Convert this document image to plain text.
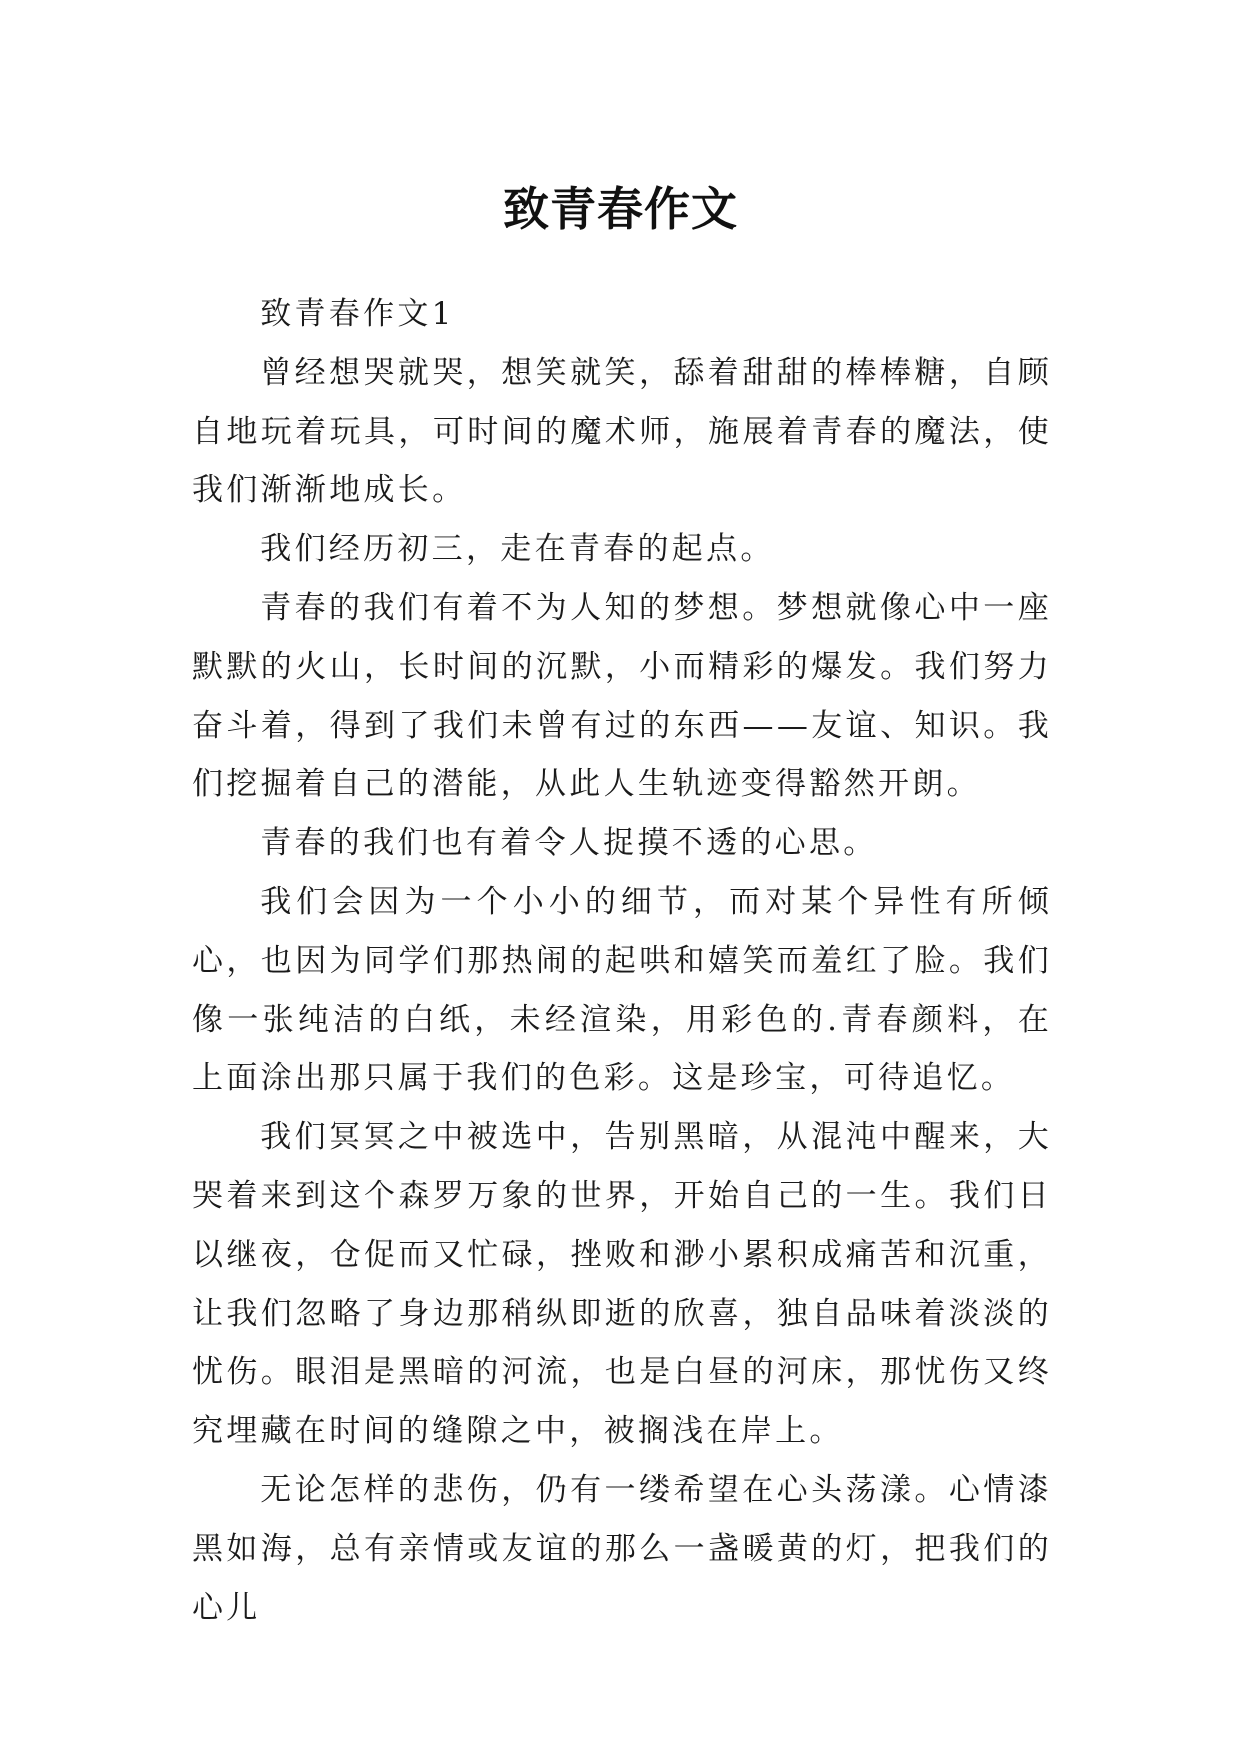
致青春作文

致青春作文1

曾经想哭就哭，想笑就笑，舔着甜甜的棒棒糖，自顾自地玩着玩具，可时间的魔术师，施展着青春的魔法，使我们渐渐地成长。

我们经历初三，走在青春的起点。

青春的我们有着不为人知的梦想。梦想就像心中一座默默的火山，长时间的沉默，小而精彩的爆发。我们努力奋斗着，得到了我们未曾有过的东西——友谊、知识。我们挖掘着自己的潜能，从此人生轨迹变得豁然开朗。

青春的我们也有着令人捉摸不透的心思。

我们会因为一个小小的细节，而对某个异性有所倾心，也因为同学们那热闹的起哄和嬉笑而羞红了脸。我们像一张纯洁的白纸，未经渲染，用彩色的.青春颜料，在上面涂出那只属于我们的色彩。这是珍宝，可待追忆。

我们冥冥之中被选中，告别黑暗，从混沌中醒来，大哭着来到这个森罗万象的世界，开始自己的一生。我们日以继夜，仓促而又忙碌，挫败和渺小累积成痛苦和沉重，让我们忽略了身边那稍纵即逝的欣喜，独自品味着淡淡的忧伤。眼泪是黑暗的河流，也是白昼的河床，那忧伤又终究埋藏在时间的缝隙之中，被搁浅在岸上。

无论怎样的悲伤，仍有一缕希望在心头荡漾。心情漆黑如海，总有亲情或友谊的那么一盏暖黄的灯，把我们的心儿
